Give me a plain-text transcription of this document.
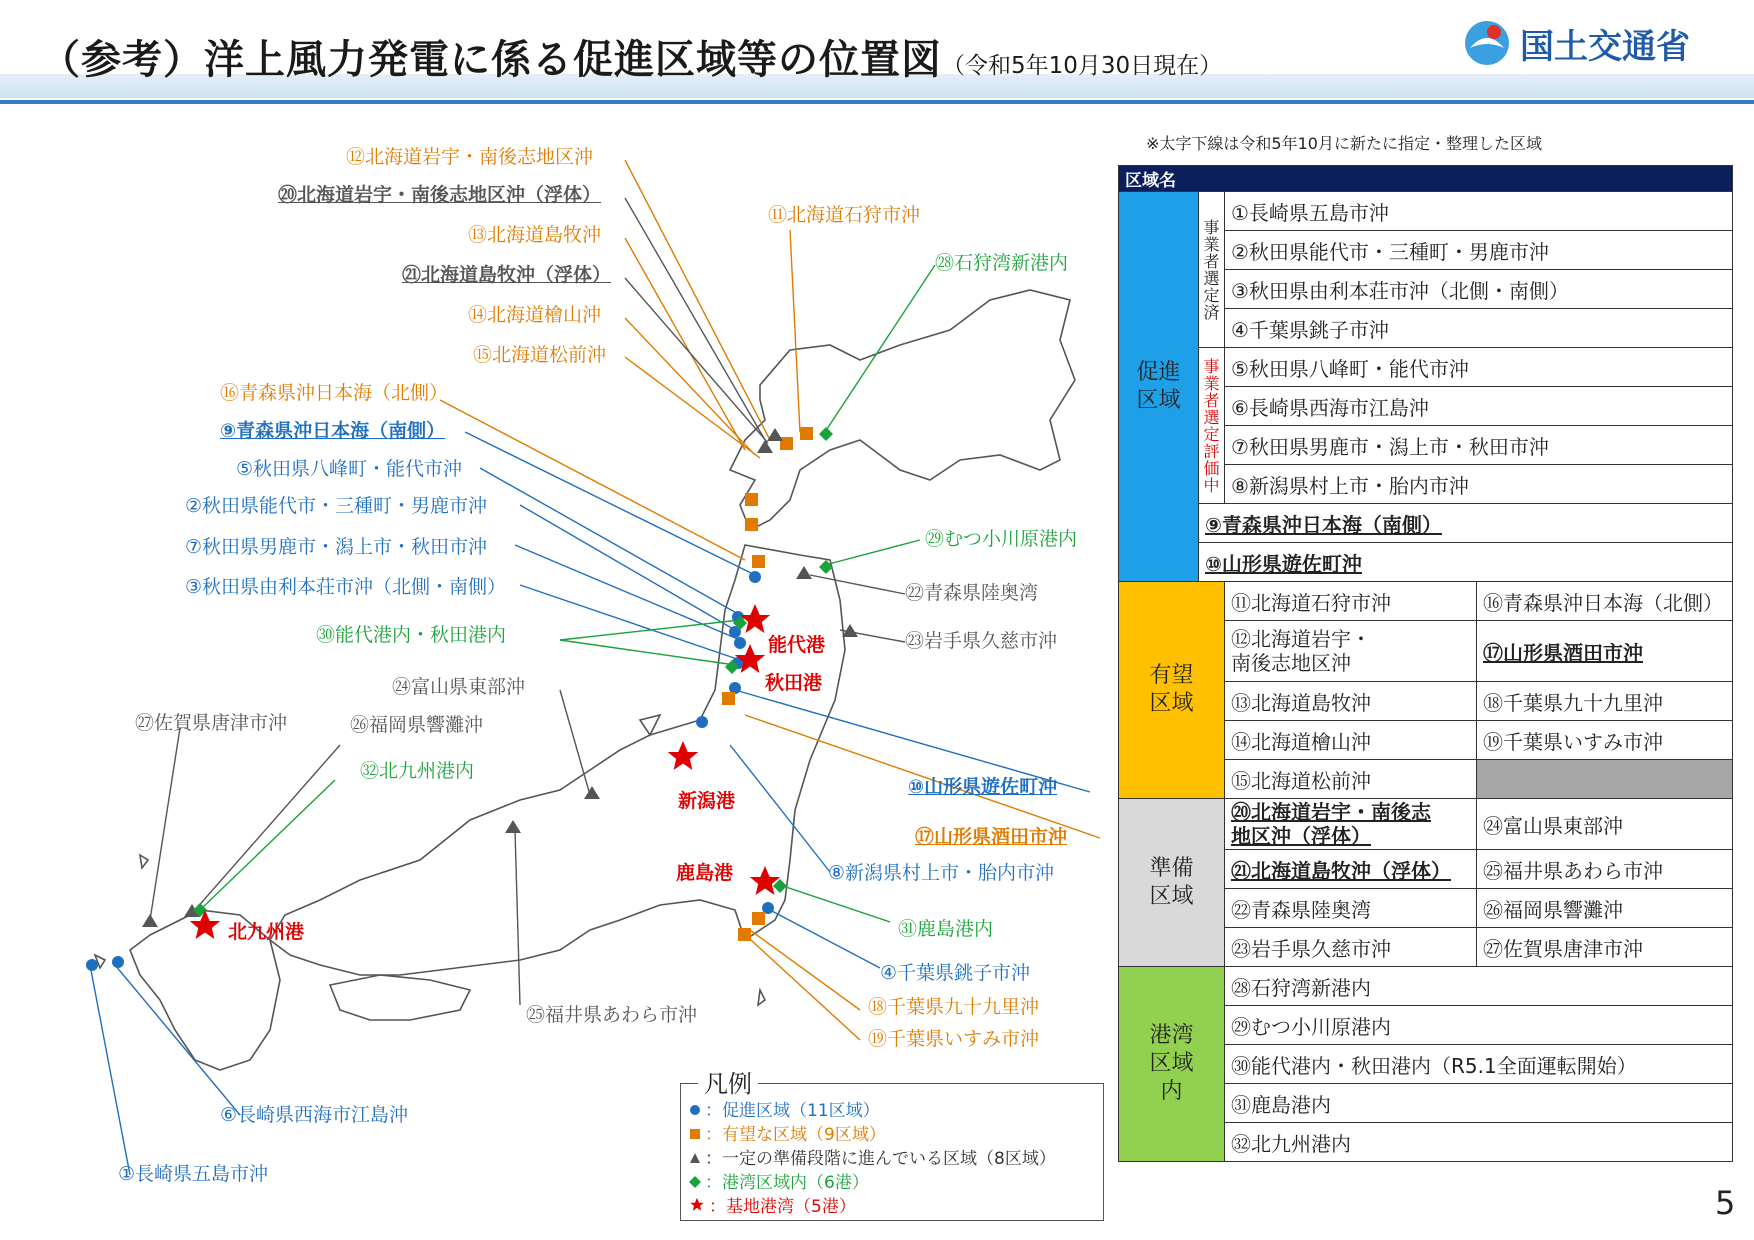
（参考）洋上風力発電に係る促進区域等の位置図（令和5年10月30日現在）	国土交通省
※太字下線は令和5年10月に新たに指定・整理した区域
⑫北海道岩宇・南後志地区沖
⑳北海道岩宇・南後志地区沖（浮体）
⑬北海道島牧沖
㉑北海道島牧沖（浮体）
⑭北海道檜山沖
⑮北海道松前沖
⑯青森県沖日本海（北側）
⑨青森県沖日本海（南側）
⑤秋田県八峰町・能代市沖
②秋田県能代市・三種町・男鹿市沖
⑦秋田県男鹿市・潟上市・秋田市沖
③秋田県由利本荘市沖（北側・南側）
㉚能代港内・秋田港内
㉔富山県東部沖
㉗佐賀県唐津市沖	㉖福岡県響灘沖
㉜北九州港内
⑪北海道石狩市沖
㉘石狩湾新港内
㉙むつ小川原港内
㉒青森県陸奥湾
㉓岩手県久慈市沖
⑩山形県遊佐町沖
⑰山形県酒田市沖
⑧新潟県村上市・胎内市沖
㉛鹿島港内
④千葉県銚子市沖
⑱千葉県九十九里沖
⑲千葉県いすみ市沖
㉕福井県あわら市沖
⑥長崎県西海市江島沖
①長崎県五島市沖
能代港
秋田港
新潟港
鹿島港
北九州港
：促進区域（11区域）
：有望な区域（9区域）
：一定の準備段階に進んでいる区域（8区域）
：港湾区域内（6港）
：基地港湾（5港）
凡例
区域名			
促進
区域	事業者選定済	①長崎県五島市沖	
		②秋田県能代市・三種町・男鹿市沖	
		③秋田県由利本荘市沖（北側・南側）	
		④千葉県銚子市沖	
	事業者選定評価中	⑤秋田県八峰町・能代市沖	
		⑥長崎県西海市江島沖	
		⑦秋田県男鹿市・潟上市・秋田市沖	
		⑧新潟県村上市・胎内市沖	
	⑨青森県沖日本海（南側）		
	⑩山形県遊佐町沖		
有望
区域		⑪北海道石狩市沖	⑯青森県沖日本海（北側）
		⑫北海道岩宇・
南後志地区沖	⑰山形県酒田市沖
		⑬北海道島牧沖	⑱千葉県九十九里沖
		⑭北海道檜山沖	⑲千葉県いすみ市沖
		⑮北海道松前沖	
準備
区域		⑳北海道岩宇・南後志
地区沖（浮体）	㉔富山県東部沖
		㉑北海道島牧沖（浮体）	㉕福井県あわら市沖
		㉒青森県陸奥湾	㉖福岡県響灘沖
		㉓岩手県久慈市沖	㉗佐賀県唐津市沖
港湾
区域
内		㉘石狩湾新港内	
		㉙むつ小川原港内	
		㉚能代港内・秋田港内（R5.1全面運転開始）	
		㉛鹿島港内	
		㉜北九州港内	
5
